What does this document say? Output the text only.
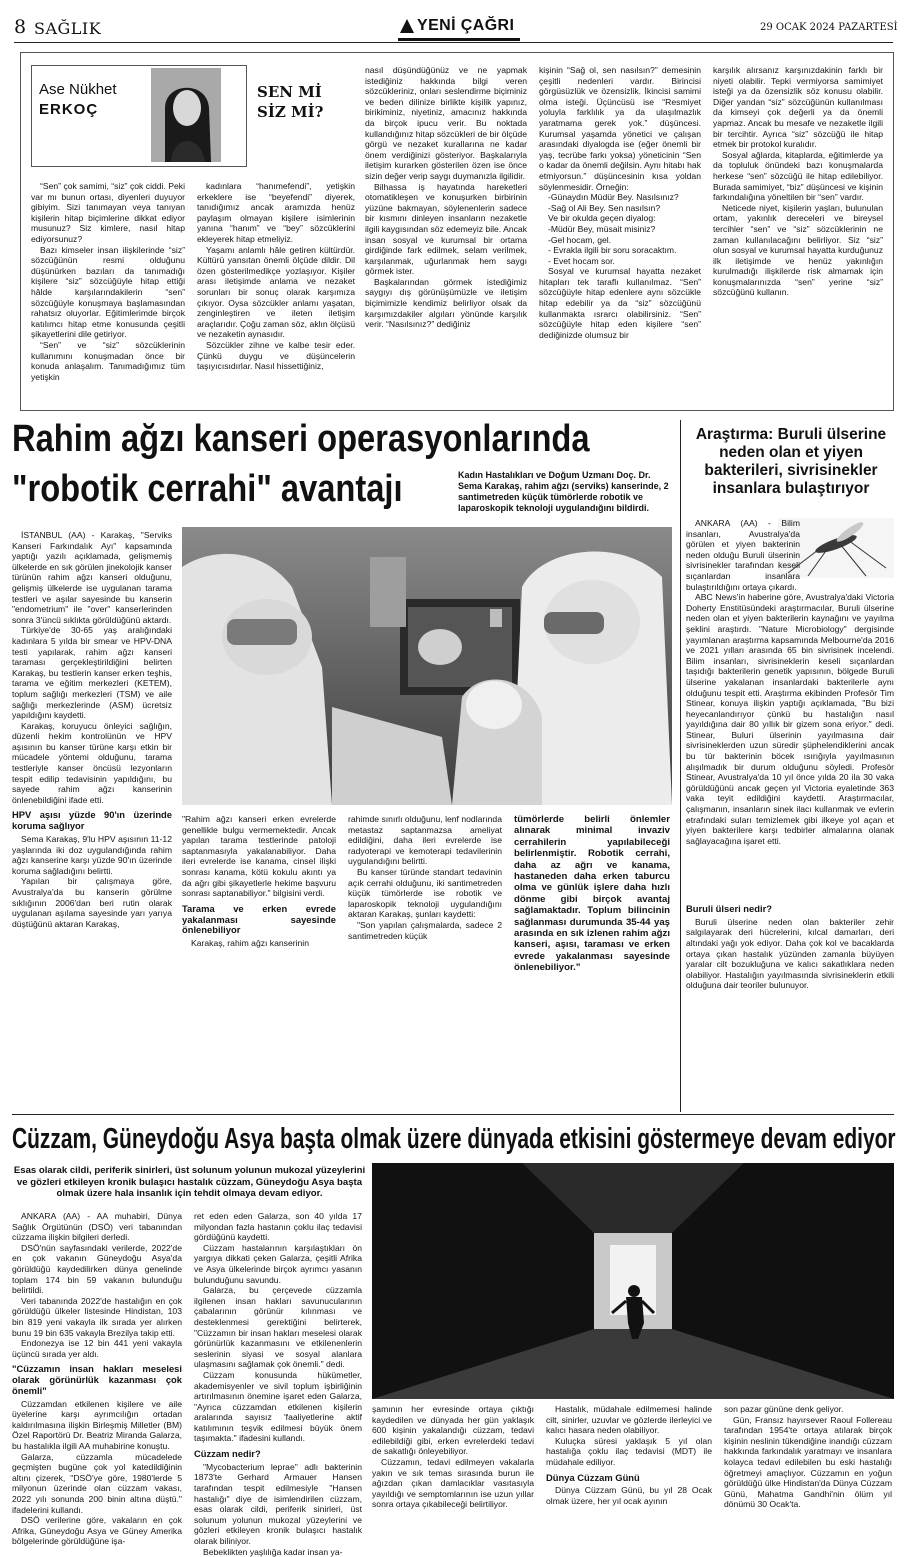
8 SAĞLIK	YENİ ÇAĞRI	29 OCAK 2024 PAZARTESİ
Ase Nükhet
ERKOÇ
SEN Mİ
SİZ Mİ?

“Sen” çok samimi, “siz” çok ciddi. Peki var mı bunun ortası, diyenleri duyuyor gibiyim. Sizi tanımayan veya tanıyan kişilerin hitap biçimlerine dikkat ediyor musunuz? Siz kimlere, nasıl hitap ediyorsunuz?

Bazı kimseler insan ilişkilerinde “siz” sözcüğünün resmi olduğunu düşünürken bazıları da tanımadığı kişilere “siz” sözcüğüyle hitap ettiği hâlde karşılarındakilerin “sen” sözcüğüyle konuşmaya başlamasından rahatsız oluyorlar. Eğitimlerimde birçok katılımcı hitap etme konusunda çeşitli şikayetlerini dile getiriyor.

“Sen” ve “siz” sözcüklerinin kullanımını konuşmadan önce bir konuda anlaşalım. Tanımadığımız tüm yetişkin

kadınlara “hanımefendi”, yetişkin erkeklere ise “beyefendi” diyerek, tanıdığımız ancak aramızda henüz paylaşım olmayan kişilere isimlerinin yanına “hanım” ve “bey” sözcüklerini ekleyerek hitap etmeliyiz.

Yaşamı anlamlı hâle getiren kültürdür. Kültürü yansıtan önemli ölçüde dildir. Dil özen gösterilmedikçe yozlaşıyor. Kişiler arası iletişimde anlama ve nezaket sorunları bir sonuç olarak karşımıza çıkıyor. Oysa sözcükler anlamı yaşatan, zenginleştiren ve ileten iletişim araçlarıdır. Çoğu zaman söz, aklın ölçüsü ve nezaketin aynasıdır.

Sözcükler zihne ve kalbe tesir eder. Çünkü duygu ve düşüncelerin taşıyıcısıdırlar. Nasıl hissettiğiniz,

nasıl düşündüğünüz ve ne yapmak istediğiniz hakkında bilgi veren sözcükleriniz, onları seslendirme biçiminiz ve beden dilinize birlikte kişilik yapınız, birikiminiz, niyetiniz, amacınız hakkında da birçok ipucu verir. Bu noktada kullandığınız hitap sözcükleri de bir ölçüde görgü ve nezaket kurallarına ne kadar önem verdiğinizi gösteriyor. Başkalarıyla iletişim kurarken gösterilen özen ise önce sizin değer verip saygı duymanızla ilgilidir.

Bilhassa iş hayatında hareketleri otomatikleşen ve konuşurken birbirinin yüzüne bakmayan, söylenenlerin sadece bir kısmını dinleyen insanların nezaketle ilgili kaygısından söz edemeyiz bile. Ancak insan sosyal ve kurumsal bir ortama girdiğinde fark edilmek, selam verilmek, karşılanmak, uğurlanmak hem saygı görmek ister.

Başkalarından görmek istediğimiz saygıyı dış görünüşümüzle ve iletişim biçimimizle kendimiz belirliyor olsak da karşımızdakiler algıları yönünde karşılık verir. “Nasılsınız?” dediğiniz

kişinin “Sağ ol, sen nasılsın?” demesinin çeşitli nedenleri vardır. Birincisi görgüsüzlük ve özensizlik. İkincisi samimi olma isteği. Üçüncüsü ise “Resmiyet yoluyla farklılık ya da ulaşılmazlık yaratmama gerek yok.” düşüncesi. Kurumsal yaşamda yönetici ve çalışan arasındaki diyalogda ise (eğer önemli bir yaş, tecrübe farkı yoksa) yöneticinin “Sen o kadar da önemli değilsin. Aynı hitabı hak etmiyorsun.” düşüncesinin kısa yoldan söylenmesidir. Örneğin:

-Günaydın Müdür Bey. Nasılsınız?

-Sağ ol Ali Bey. Sen nasılsın?

Ve bir okulda geçen diyalog:

-Müdür Bey, müsait misiniz?

-Gel hocam, gel.

- Evrakla ilgili bir soru soracaktım.

- Evet hocam sor.

Sosyal ve kurumsal hayatta nezaket hitapları tek taraflı kullanılmaz. “Sen” sözcüğüyle hitap edenlere aynı sözcükle hitap edebilir ya da “siz” sözcüğünü kullanmakta ısrarcı olabilirsiniz. “Sen” sözcüğüyle hitap eden kişilere “sen” dediğinizde olumsuz bir

karşılık alırsanız karşınızdakinin farklı bir niyeti olabilir. Tepki vermiyorsa samimiyet isteği ya da özensizlik söz konusu olabilir. Diğer yandan “siz” sözcüğünün kullanılması da kimseyi çok değerli ya da önemli yapmaz. Ancak bu mesafe ve nezaketle ilgili bir tercihtir. Ayrıca “siz” sözcüğü ile hitap etmek bir protokol kuralıdır.

Sosyal ağlarda, kitaplarda, eğitimlerde ya da topluluk önündeki bazı konuşmalarda herkese “sen” sözcüğü ile hitap edilebiliyor. Burada samimiyet, “biz” düşüncesi ve kişinin farkındalığına yöneltilen bir “sen” vardır.

Neticede niyet, kişilerin yaşları, bulunulan ortam, yakınlık dereceleri ve bireysel tercihler “sen” ve “siz” sözcüklerinin ne zaman kullanılacağını belirliyor. Siz “siz” olun sosyal ve kurumsal hayatta kurduğunuz ilk iletişimde ve henüz yakınlığın kurulmadığı ilişkilerde risk almamak için konuşmalarınızda “sen” yerine “siz” sözcüğünü kullanın.

Rahim ağzı kanseri operasyonlarında
"robotik cerrahi" avantajı	Kadın Hastalıkları ve Doğum Uzmanı Doç. Dr. Sema Karakaş, rahim ağzı (serviks) kanserinde, 2 santimetreden küçük tümörlerde robotik ve laparoskopik teknoloji uygulandığını bildirdi.

İSTANBUL (AA) - Karakaş, "Serviks Kanseri Farkındalık Ayı" kapsamında yaptığı yazılı açıklamada, gelişmemiş ülkelerde en sık görülen jinekolojik kanser türünün rahim ağzı kanseri olduğunu, gelişmiş ülkelerde ise uygulanan tarama testleri ve aşılar sayesinde bu kanserin "endometrium" ile "over" kanserlerinden sonra 3'üncü sıklıkta görüldüğünü aktardı.

Türkiye'de 30-65 yaş aralığındaki kadınlara 5 yılda bir smear ve HPV-DNA testi yapılarak, rahim ağzı kanseri taraması gerçekleştirildiğini belirten Karakaş, bu testlerin kanser erken teşhis, tarama ve eğitim merkezleri (KETEM), toplum sağlığı merkezleri (TSM) ve aile sağlığı merkezlerinde (ASM) ücretsiz yapıldığını kaydetti.

Karakaş, koruyucu önleyici sağlığın, düzenli hekim kontrolünün ve HPV aşısının bu kanser türüne karşı etkin bir mücadele yöntemi olduğunu, tarama testleriyle kanser öncüsü lezyonların tespit edilip tedavisinin yapıldığını, bu sayede rahim ağzı kanserinin önlenebildiğini ifade etti.

HPV aşısı yüzde 90'ın üzerinde koruma sağlıyor

Sema Karakaş, 9'lu HPV aşısının 11-12 yaşlarında iki doz uygulandığında rahim ağzı kanserine karşı yüzde 90'ın üzerinde koruma sağladığını belirtti.

Yapılan bir çalışmaya göre, Avustralya'da bu kanserin görülme sıklığının 2006'dan beri rutin olarak uygulanan aşılama sayesinde yarı yarıya düştüğünü aktaran Karakaş,

"Rahim ağzı kanseri erken evrelerde genellikle bulgu vermemektedir. Ancak yapılan tarama testlerinde patoloji saptanmasıyla yakalanabiliyor. Daha ileri evrelerde ise kanama, cinsel ilişki sonrası kanama, kötü kokulu akıntı ya da ağrı gibi şikayetlerle hekime başvuru sonrası saptanabiliyor." bilgisini verdi.

Tarama ve erken evrede yakalanması sayesinde önlenebiliyor

Karakaş, rahim ağzı kanserinin

rahimde sınırlı olduğunu, lenf nodlarında metastaz saptanmazsa ameliyat edildiğini, daha ileri evrelerde ise radyoterapi ve kemoterapi tedavilerinin uygulandığını belirtti.

Bu kanser türünde standart tedavinin açık cerrahi olduğunu, iki santimetreden küçük tümörlerde ise robotik ve laparoskopik teknoloji uygulandığını aktaran Karakaş, şunları kaydetti:

"Son yapılan çalışmalarda, sadece 2 santimetreden küçük

tümörlerde belirli önlemler alınarak minimal invaziv cerrahilerin yapılabileceği belirlenmiştir. Robotik cerrahi, daha az ağrı ve kanama, hastaneden daha erken taburcu olma ve günlük işlere daha hızlı dönme gibi birçok avantaj sağlamaktadır. Toplum bilincinin sağlanması durumunda 35-44 yaş arasında en sık izlenen rahim ağzı kanseri, aşısı, taraması ve erken evrede yakalanması sayesinde önlenebiliyor."

Araştırma: Buruli ülserine neden olan et yiyen bakterileri, sivrisinekler insanlara bulaştırıyor

ANKARA (AA) - Bilim insanları, Avustralya'da görülen et yiyen bakterinin neden olduğu Buruli ülserinin sivrisinekler tarafından keseli sıçanlardan insanlara bulaştırıldığını ortaya çıkardı.

ABC News'in haberine göre, Avustralya'daki Victoria Doherty Enstitüsündeki araştırmacılar, Buruli ülserine neden olan et yiyen bakterilerin kaynağını ve yayılma şeklini araştırdı. "Nature Microbiology" dergisinde yayımlanan araştırma kapsamında Melbourne'da 2016 ve 2021 yılları arasında 65 bin sivrisinek incelendi. Bilim insanları, sivrisineklerin keseli sıçanlardan taşıdığı bakterilerin genetik yapısının, bölgede Buruli ülserine yakalanan insanlardaki bakterilerle aynı olduğunu tespit etti. Araştırma ekibinden Profesör Tim Stinear, konuya ilişkin yaptığı açıklamada, "Bu bizi heyecanlandırıyor çünkü bu hastalığın nasıl yayıldığına dair 80 yıllık bir gizem sona eriyor." dedi. Stinear, Buluri ülserinin yayılmasına dair sivrisineklerden uzun süredir şüphelendiklerini ancak bu tür bakterinin böcek ısırığıyla yayılmasının alışılmadık bir durum olduğunu söyledi. Profesör Stinear, Avustralya'da 10 yıl önce yılda 20 ila 30 vaka görüldüğünü ancak geçen yıl Victoria eyaletinde 363 vaka teyit edildiğini kaydetti. Araştırmacılar, çalışmanın, insanların sinek ilacı kullanmak ve evlerin etrafındaki suları temizlemek gibi ilkeye yol açan et yiyen bakterilere karşı tedbirler almalarına olanak sağlayacağına işaret etti.

Buruli ülseri nedir?

Buruli ülserine neden olan bakteriler zehir salgılayarak deri hücrelerini, kılcal damarları, deri altındaki yağı yok ediyor. Daha çok kol ve bacaklarda ortaya çıkan hastalık yüzünden zamanla büyüyen yaralar cilt bozukluğuna ve kalıcı sakatlıklara neden olabiliyor. Hastalığın yayılmasında sivrisineklerin etkili olduğuna dair teoriler bulunuyor.

Cüzzam, Güneydoğu Asya başta olmak üzere dünyada etkisini göstermeye devam ediyor
Esas olarak cildi, periferik sinirleri, üst solunum yolunun mukozal yüzeylerini ve gözleri etkileyen kronik bulaşıcı hastalık cüzzam, Güneydoğu Asya başta olmak üzere hala insanlık için tehdit olmaya devam ediyor.

ANKARA (AA) - AA muhabiri, Dünya Sağlık Örgütünün (DSÖ) veri tabanından cüzzama ilişkin bilgileri derledi.

DSÖ'nün sayfasındaki verilerde, 2022'de en çok vakanın Güneydoğu Asya'da görüldüğü kaydedilirken dünya genelinde toplam 174 bin 59 vakanın bulunduğu belirtildi.

Veri tabanında 2022'de hastalığın en çok görüldüğü ülkeler listesinde Hindistan, 103 bin 819 yeni vakayla ilk sırada yer alırken bunu 19 bin 635 vakayla Brezilya takip etti.

Endonezya ise 12 bin 441 yeni vakayla üçüncü sırada yer aldı.

"Cüzzamın insan hakları meselesi olarak görünürlük kazanması çok önemli"

Cüzzamdan etkilenen kişilere ve aile üyelerine karşı ayrımcılığın ortadan kaldırılmasına ilişkin Birleşmiş Milletler (BM) Özel Raportörü Dr. Beatriz Miranda Galarza, bu hastalıkla ilgili AA muhabirine konuştu.

Galarza, cüzzamla mücadelede geçmişten bugüne çok yol katedildiğinin altını çizerek, "DSÖ'ye göre, 1980'lerde 5 milyonun üzerinde olan cüzzam vakası, 2022 yılı sonunda 200 binin altına düştü." ifadelerini kullandı.

DSÖ verilerine göre, vakaların en çok Afrika, Güneydoğu Asya ve Güney Amerika bölgelerinde görüldüğüne işa-

ret eden eden Galarza, son 40 yılda 17 milyondan fazla hastanın çoklu ilaç tedavisi gördüğünü kaydetti.

Cüzzam hastalarının karşılaştıkları ön yargıya dikkati çeken Galarza, çeşitli Afrika ve Asya ülkelerinde birçok ayrımcı yasanın bulunduğunu savundu.

Galarza, bu çerçevede cüzzamla ilgilenen insan hakları savunucularının çabalarının görünür kılınması ve desteklenmesi gerektiğini belirterek, "Cüzzamın bir insan hakları meselesi olarak görünürlük kazanmasını ve etkilenenlerin seslerinin siyasi ve sosyal alanlara ulaşmasını sağlamak çok önemli." dedi.

Cüzzam konusunda hükümetler, akademisyenler ve sivil toplum işbirliğinin artırılmasının önemine işaret eden Galarza, "Ayrıca cüzzamdan etkilenen kişilerin aralarında sayısız 'faaliyetlerine aktif katılımının teşvik edilmesi büyük önem taşımakta." ifadesini kullandı.

Cüzzam nedir?

"Mycobacterium leprae" adlı bakterinin 1873'te Gerhard Armauer Hansen tarafından tespit edilmesiyle "Hansen hastalığı" diye de isimlendirilen cüzzam, esas olarak cildi, periferik sinirleri, üst solunum yolunun mukozal yüzeylerini ve gözleri etkileyen kronik bulaşıcı hastalık olarak biliniyor.

Bebeklikten yaşlılığa kadar insan ya-

şamının her evresinde ortaya çıktığı kaydedilen ve dünyada her gün yaklaşık 600 kişinin yakalandığı cüzzam, tedavi edilebildiği gibi, erken evrelerdeki tedavi de sakatlığı önleyebiliyor.

Cüzzamın, tedavi edilmeyen vakalarla yakın ve sık temas sırasında burun ile ağızdan çıkan damlacıklar vasıtasıyla yayıldığı ve semptomlarının ise uzun yıllar sonra ortaya çıkabileceği belirtiliyor.

Hastalık, müdahale edilmemesi halinde cilt, sinirler, uzuvlar ve gözlerde ilerleyici ve kalıcı hasara neden olabiliyor.

Kuluçka süresi yaklaşık 5 yıl olan hastalığa çoklu ilaç tedavisi (MDT) ile müdahale ediliyor.

Dünya Cüzzam Günü

Dünya Cüzzam Günü, bu yıl 28 Ocak olmak üzere, her yıl ocak ayının

son pazar gününe denk geliyor.

Gün, Fransız hayırsever Raoul Follereau tarafından 1954'te ortaya atılarak birçok kişinin neslinin tükendiğine inandığı cüzzam hakkında farkındalık yaratmayı ve insanlara kolayca tedavi edilebilen bu eski hastalığı öğretmeyi amaçlıyor. Cüzzamın en yoğun görüldüğü ülke Hindistan'da Dünya Cüzzam Günü, Mahatma Gandhi'nin ölüm yıl dönümü 30 Ocak'ta.
